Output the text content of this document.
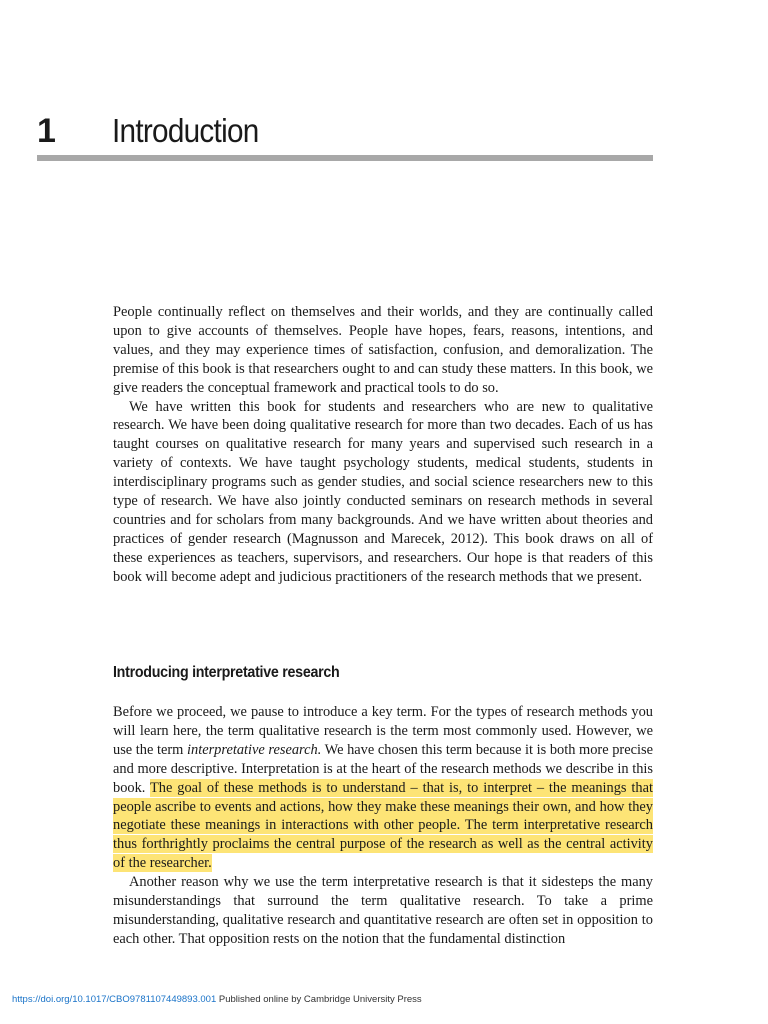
1 Introduction

People continually reflect on themselves and their worlds, and they are continually called upon to give accounts of themselves. People have hopes, fears, reasons, intentions, and values, and they may experience times of satisfaction, confusion, and demoralization. The premise of this book is that researchers ought to and can study these matters. In this book, we give readers the conceptual framework and practical tools to do so.

We have written this book for students and researchers who are new to qualitative research. We have been doing qualitative research for more than two decades. Each of us has taught courses on qualitative research for many years and supervised such research in a variety of contexts. We have taught psychology students, medical students, students in interdisciplinary programs such as gender studies, and social science researchers new to this type of research. We have also jointly conducted seminars on research methods in several countries and for scholars from many backgrounds. And we have written about theories and practices of gender research (Magnusson and Marecek, 2012). This book draws on all of these experiences as teachers, supervisors, and researchers. Our hope is that readers of this book will become adept and judicious practitioners of the research methods that we present.

Introducing interpretative research

Before we proceed, we pause to introduce a key term. For the types of research methods you will learn here, the term qualitative research is the term most commonly used. However, we use the term interpretative research. We have chosen this term because it is both more precise and more descriptive. Interpretation is at the heart of the research methods we describe in this book. The goal of these methods is to understand – that is, to interpret – the meanings that people ascribe to events and actions, how they make these meanings their own, and how they negotiate these meanings in interactions with other people. The term interpretative research thus forthrightly proclaims the central purpose of the research as well as the central activity of the researcher.

Another reason why we use the term interpretative research is that it sidesteps the many misunderstandings that surround the term qualitative research. To take a prime misunderstanding, qualitative research and quantitative research are often set in opposition to each other. That opposition rests on the notion that the fundamental distinction

https://doi.org/10.1017/CBO9781107449893.001 Published online by Cambridge University Press
